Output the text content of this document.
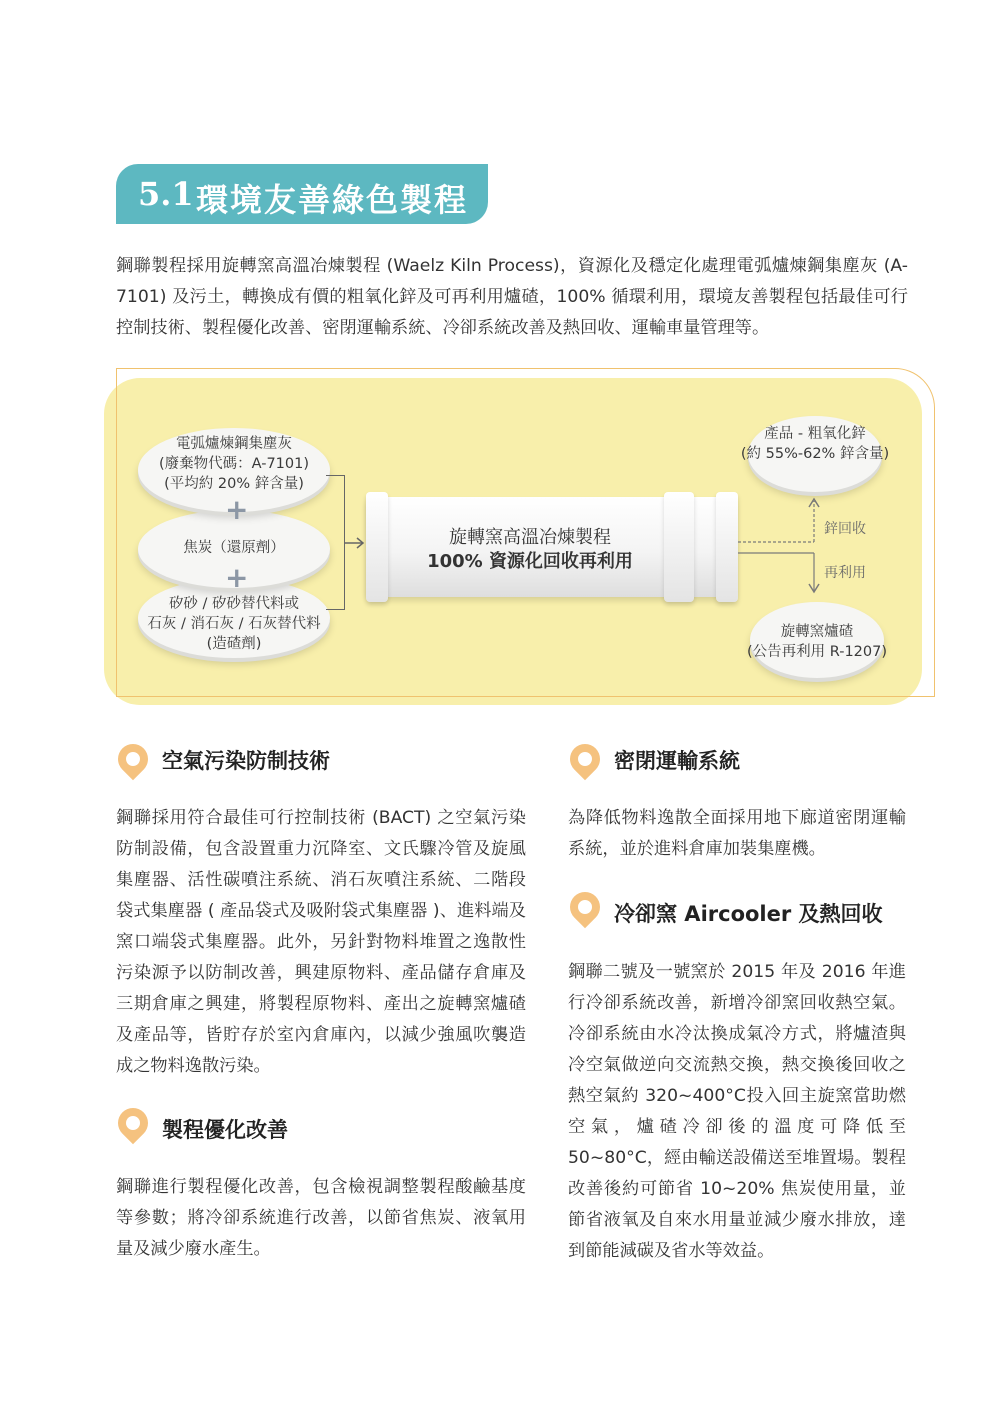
5.1 環境友善綠色製程
鋼聯製程採用旋轉窯高溫冶煉製程 (Waelz Kiln Process)，資源化及穩定化處理電弧爐煉鋼集塵灰 (A-7101) 及污土，轉換成有價的粗氧化鋅及可再利用爐碴，100% 循環利用，環境友善製程包括最佳可行控制技術、製程優化改善、密閉運輸系統、冷卻系統改善及熱回收、運輸車量管理等。
矽砂 / 矽砂替代料或
石灰 / 消石灰 / 石灰替代料
(造碴劑)
焦炭（還原劑）
電弧爐煉鋼集塵灰
(廢棄物代碼：A-7101)
(平均約 20% 鋅含量)
+
+
旋轉窯高溫冶煉製程
100% 資源化回收再利用
鋅回收
再利用
產品 - 粗氧化鋅
(約 55%-62% 鋅含量)
旋轉窯爐碴
(公告再利用 R-1207)
空氣污染防制技術
鋼聯採用符合最佳可行控制技術 (BACT) 之空氣污染防制設備，包含設置重力沉降室、文氏驟冷管及旋風集塵器、活性碳噴注系統、消石灰噴注系統、二階段袋式集塵器 ( 產品袋式及吸附袋式集塵器 )、進料端及窯口端袋式集塵器。此外，另針對物料堆置之逸散性污染源予以防制改善，興建原物料、產品儲存倉庫及三期倉庫之興建，將製程原物料、產出之旋轉窯爐碴及產品等，皆貯存於室內倉庫內，以減少強風吹襲造成之物料逸散污染。
製程優化改善
鋼聯進行製程優化改善，包含檢視調整製程酸鹼基度等參數；將冷卻系統進行改善，以節省焦炭、液氧用量及減少廢水產生。
密閉運輸系統
為降低物料逸散全面採用地下廊道密閉運輸系統，並於進料倉庫加裝集塵機。
冷卻窯 Aircooler 及熱回收
鋼聯二號及一號窯於 2015 年及 2016 年進行冷卻系統改善，新增冷卻窯回收熱空氣。冷卻系統由水冷汰換成氣冷方式，將爐渣與冷空氣做逆向交流熱交換，熱交換後回收之熱空氣約 320~400°C投入回主旋窯當助燃空氣，爐碴冷卻後的溫度可降低至 50~80°C，經由輸送設備送至堆置場。製程改善後約可節省 10~20% 焦炭使用量，並節省液氧及自來水用量並減少廢水排放，達到節能減碳及省水等效益。
